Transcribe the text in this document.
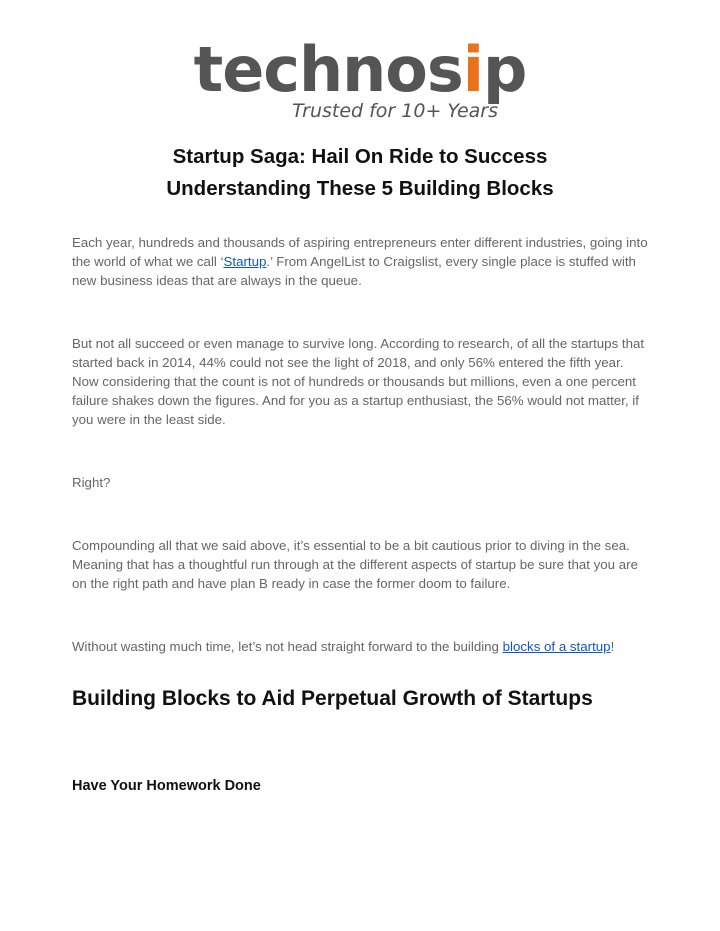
technosip
Trusted for 10+ Years
Startup Saga: Hail On Ride to Success
Understanding These 5 Building Blocks

Each year, hundreds and thousands of aspiring entrepreneurs enter different industries, going into the world of what we call ‘Startup.’ From AngelList to Craigslist, every single place is stuffed with new business ideas that are always in the queue.

But not all succeed or even manage to survive long. According to research, of all the startups that started back in 2014, 44% could not see the light of 2018, and only 56% entered the fifth year. Now considering that the count is not of hundreds or thousands but millions, even a one percent failure shakes down the figures. And for you as a startup enthusiast, the 56% would not matter, if you were in the least side.

Right?

Compounding all that we said above, it’s essential to be a bit cautious prior to diving in the sea. Meaning that has a thoughtful run through at the different aspects of startup be sure that you are on the right path and have plan B ready in case the former doom to failure.

Without wasting much time, let’s not head straight forward to the building blocks of a startup!

Building Blocks to Aid Perpetual Growth of Startups
Have Your Homework Done
